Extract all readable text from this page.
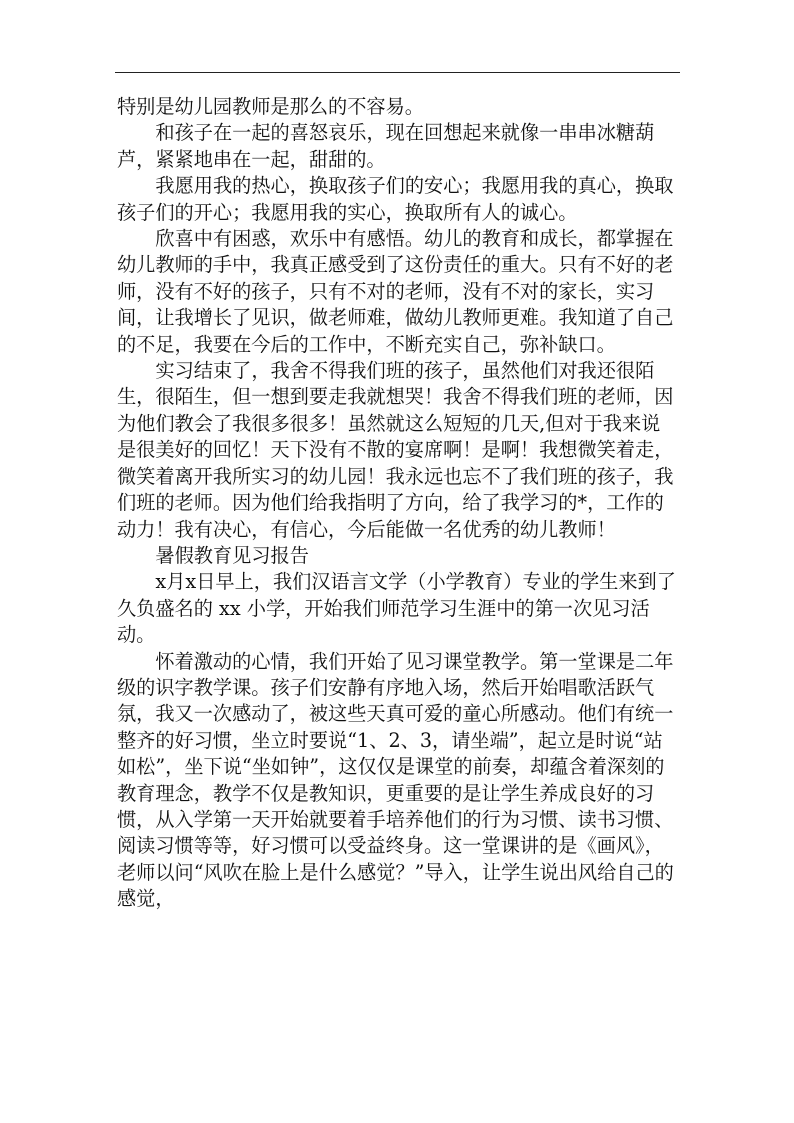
特别是幼儿园教师是那么的不容易。

和孩子在一起的喜怒哀乐，现在回想起来就像一串串冰糖葫芦，紧紧地串在一起，甜甜的。

我愿用我的热心，换取孩子们的安心；我愿用我的真心，换取孩子们的开心；我愿用我的实心，换取所有人的诚心。

欣喜中有困惑，欢乐中有感悟。幼儿的教育和成长，都掌握在幼儿教师的手中，我真正感受到了这份责任的重大。只有不好的老师，没有不好的孩子，只有不对的老师，没有不对的家长，实习间，让我增长了见识，做老师难，做幼儿教师更难。我知道了自己的不足，我要在今后的工作中，不断充实自己，弥补缺口。

实习结束了，我舍不得我们班的孩子，虽然他们对我还很陌生，很陌生，但一想到要走我就想哭！我舍不得我们班的老师，因为他们教会了我很多很多！虽然就这么短短的几天,但对于我来说是很美好的回忆！天下没有不散的宴席啊！是啊！我想微笑着走，微笑着离开我所实习的幼儿园！我永远也忘不了我们班的孩子，我们班的老师。因为他们给我指明了方向，给了我学习的*，工作的动力！我有决心，有信心，今后能做一名优秀的幼儿教师！

暑假教育见习报告

x月x日早上，我们汉语言文学（小学教育）专业的学生来到了久负盛名的 xx 小学，开始我们师范学习生涯中的第一次见习活动。

怀着激动的心情，我们开始了见习课堂教学。第一堂课是二年级的识字教学课。孩子们安静有序地入场，然后开始唱歌活跃气氛，我又一次感动了，被这些天真可爱的童心所感动。他们有统一整齐的好习惯，坐立时要说“1、2、3，请坐端”，起立是时说“站如松”，坐下说“坐如钟”，这仅仅是课堂的前奏，却蕴含着深刻的教育理念，教学不仅是教知识，更重要的是让学生养成良好的习惯，从入学第一天开始就要着手培养他们的行为习惯、读书习惯、阅读习惯等等，好习惯可以受益终身。这一堂课讲的是《画风》，老师以问“风吹在脸上是什么感觉？”导入，让学生说出风给自己的感觉，
